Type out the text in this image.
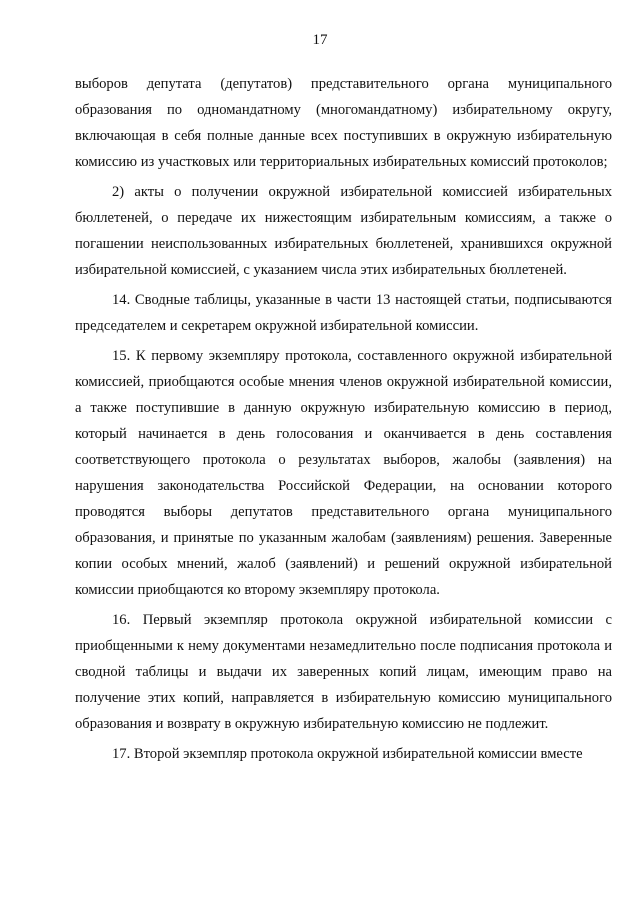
17

выборов депутата (депутатов) представительного органа муниципального образования по одномандатному (многомандатному) избирательному округу, включающая в себя полные данные всех поступивших в окружную избирательную комиссию из участковых или территориальных избирательных комиссий протоколов;

2) акты о получении окружной избирательной комиссией избирательных бюллетеней, о передаче их нижестоящим избирательным комиссиям, а также о погашении неиспользованных избирательных бюллетеней, хранившихся окружной избирательной комиссией, с указанием числа этих избирательных бюллетеней.

14. Сводные таблицы, указанные в части 13 настоящей статьи, подписываются председателем и секретарем окружной избирательной комиссии.

15. К первому экземпляру протокола, составленного окружной избирательной комиссией, приобщаются особые мнения членов окружной избирательной комиссии, а также поступившие в данную окружную избирательную комиссию в период, который начинается в день голосования и оканчивается в день составления соответствующего протокола о результатах выборов, жалобы (заявления) на нарушения законодательства Российской Федерации, на основании которого проводятся выборы депутатов представительного органа муниципального образования, и принятые по указанным жалобам (заявлениям) решения. Заверенные копии особых мнений, жалоб (заявлений) и решений окружной избирательной комиссии приобщаются ко второму экземпляру протокола.

16. Первый экземпляр протокола окружной избирательной комиссии с приобщенными к нему документами незамедлительно после подписания протокола и сводной таблицы и выдачи их заверенных копий лицам, имеющим право на получение этих копий, направляется в избирательную комиссию муниципального образования и возврату в окружную избирательную комиссию не подлежит.

17. Второй экземпляр протокола окружной избирательной комиссии вместе
